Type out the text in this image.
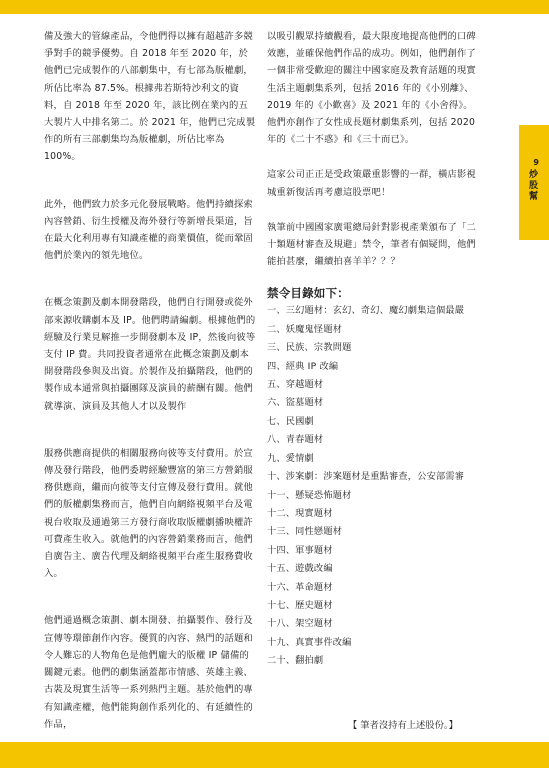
9
炒股幫

備及強大的管線產品，令他們得以擁有超越許多競爭對手的競爭優勢。自 2018 年至 2020 年，於他們已完成製作的八部劇集中，有七部為版權劇，所佔比率為 87.5%。根據弗若斯特沙利文的資料，自 2018 年至 2020 年，該比例在業內的五大製片人中排名第二。於 2021 年，他們已完成製作的所有三部劇集均為版權劇，所佔比率為 100%。

此外，他們致力於多元化發展戰略。他們持續探索內容營銷、衍生授權及海外發行等新增長渠道，旨在最大化利用專有知識產權的商業價值，從而鞏固他們於業內的領先地位。

在概念策劃及劇本開發階段，他們自行開發或從外部來源收購劇本及 IP。他們聘請編劇。根據他們的經驗及行業見解推一步開發劇本及 IP，然後向彼等支付 IP 費。共同投資者通常在此概念策劃及劇本開發階段參與及出資。於製作及拍攝階段，他們的製作成本通常與拍攝團隊及演員的薪酬有關。他們就導演、演員及其他人才以及製作

服務供應商提供的相關服務向彼等支付費用。於宣傳及發行階段，他們委聘經驗豐富的第三方營銷服務供應商，繼而向彼等支付宣傳及發行費用。就他們的版權劇集務而言，他們自向網絡視頻平台及電視台收取及通過第三方發行商收取版權劇播映權許可費產生收入。就他們的內容營銷業務而言，他們自廣告主、廣告代理及網絡視頻平台產生服務費收入。

他們通過概念策劃、劇本開發、拍攝製作、發行及宣傳等環節創作內容。優質的內容、熱門的話題和令人難忘的人物角色是他們龐大的版權 IP 儲備的關鍵元素。他們的劇集涵蓋都市情感、英雄主義、古裝及現實生活等一系列熱門主題。基於他們的專有知識產權，他們能夠創作系列化的、有延續性的作品，

以吸引觀眾持續觀看，最大限度地提高他們的口碑效應，並確保他們作品的成功。例如，他們創作了一個非常受歡迎的關注中國家庭及教育話題的現實生活主題劇集系列，包括 2016 年的《小別離》、2019 年的《小歡喜》及 2021 年的《小舍得》。他們亦創作了女性成長題材劇集系列，包括 2020 年的《二十不惑》和《三十而已》。

這家公司正正是受政策嚴重影響的一群，橫店影視城重新復活再考慮這股票吧！

執筆前中國國家廣電總局針對影視產業頒布了「二十類題材審查及規避」禁令，筆者有個疑問，他們能拍甚麼，繼續拍喜羊羊？？？

禁令目錄如下：
一、三幻題材：玄幻、奇幻、魔幻劇集這個最嚴
二、妖魔鬼怪題材
三、民族、宗教問題
四、經典 IP 改編
五、穿越題材
六、盜墓題材
七、民國劇
八、青春題材
九、愛情劇
十、涉案劇：涉案題材是重點審查，公安部需審
十一、懸疑恐怖題材
十二、現實題材
十三、同性戀題材
十四、軍事題材
十五、遊戲改編
十六、革命題材
十七、歷史題材
十八、架空題材
十九、真實事件改編
二十、翻拍劇
【 筆者沒持有上述股份。】
